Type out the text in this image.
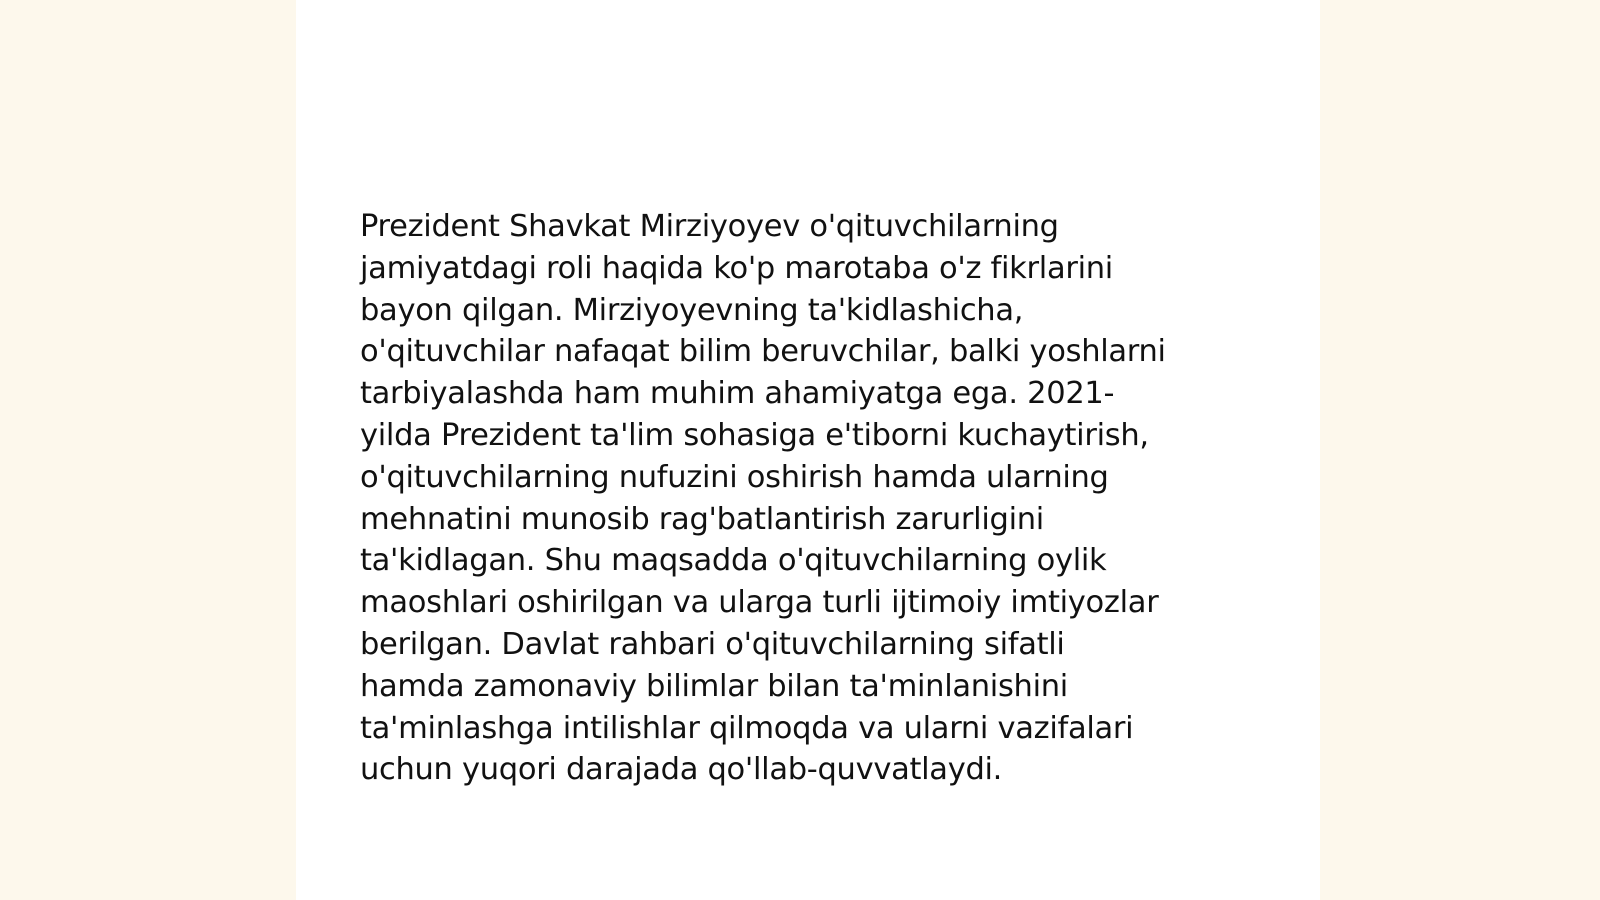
Prezident Shavkat Mirziyoyev o'qituvchilarning
jamiyatdagi roli haqida ko'p marotaba o'z fikrlarini
bayon qilgan. Mirziyoyevning ta'kidlashicha,
o'qituvchilar nafaqat bilim beruvchilar, balki yoshlarni
tarbiyalashda ham muhim ahamiyatga ega. 2021-
yilda Prezident ta'lim sohasiga e'tiborni kuchaytirish,
o'qituvchilarning nufuzini oshirish hamda ularning
mehnatini munosib rag'batlantirish zarurligini
ta'kidlagan. Shu maqsadda o'qituvchilarning oylik
maoshlari oshirilgan va ularga turli ijtimoiy imtiyozlar
berilgan. Davlat rahbari o'qituvchilarning sifatli
hamda zamonaviy bilimlar bilan ta'minlanishini
ta'minlashga intilishlar qilmoqda va ularni vazifalari
uchun yuqori darajada qo'llab-quvvatlaydi.
